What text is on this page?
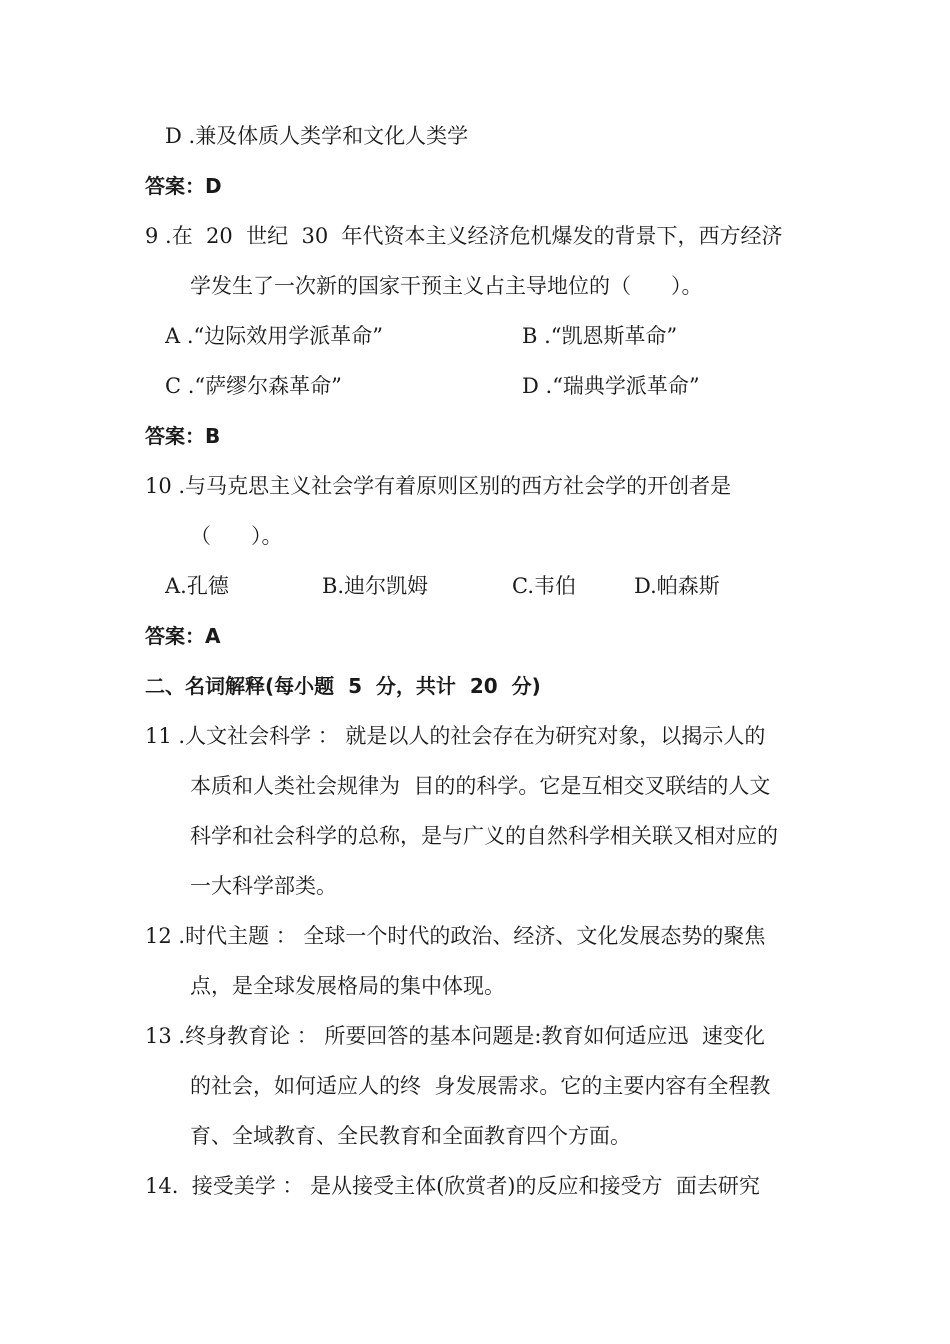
D .兼及体质人类学和文化人类学
答案：D
9 .在  20  世纪  30  年代资本主义经济危机爆发的背景下，西方经济
学发生了一次新的国家干预主义占主导地位的（      ）。
A .“边际效用学派革命”	B .“凯恩斯革命”
C .“萨缪尔森革命”	D .“瑞典学派革命”
答案：B
10 .与马克思主义社会学有着原则区别的西方社会学的开创者是
（      ）。
A.孔德	B.迪尔凯姆	C.韦伯	D.帕森斯
答案：A
二、名词解释(每小题  5  分，共计  20  分)
11 .人文社会科学 ： 就是以人的社会存在为研究对象，以揭示人的
本质和人类社会规律为  目的的科学。它是互相交叉联结的人文
科学和社会科学的总称，是与广义的自然科学相关联又相对应的
一大科学部类。
12 .时代主题 ： 全球一个时代的政治、经济、文化发展态势的聚焦
点，是全球发展格局的集中体现。
13 .终身教育论 ： 所要回答的基本问题是:教育如何适应迅  速变化
的社会，如何适应人的终  身发展需求。它的主要内容有全程教
育、全域教育、全民教育和全面教育四个方面。
14.  接受美学 ： 是从接受主体(欣赏者)的反应和接受方  面去研究
